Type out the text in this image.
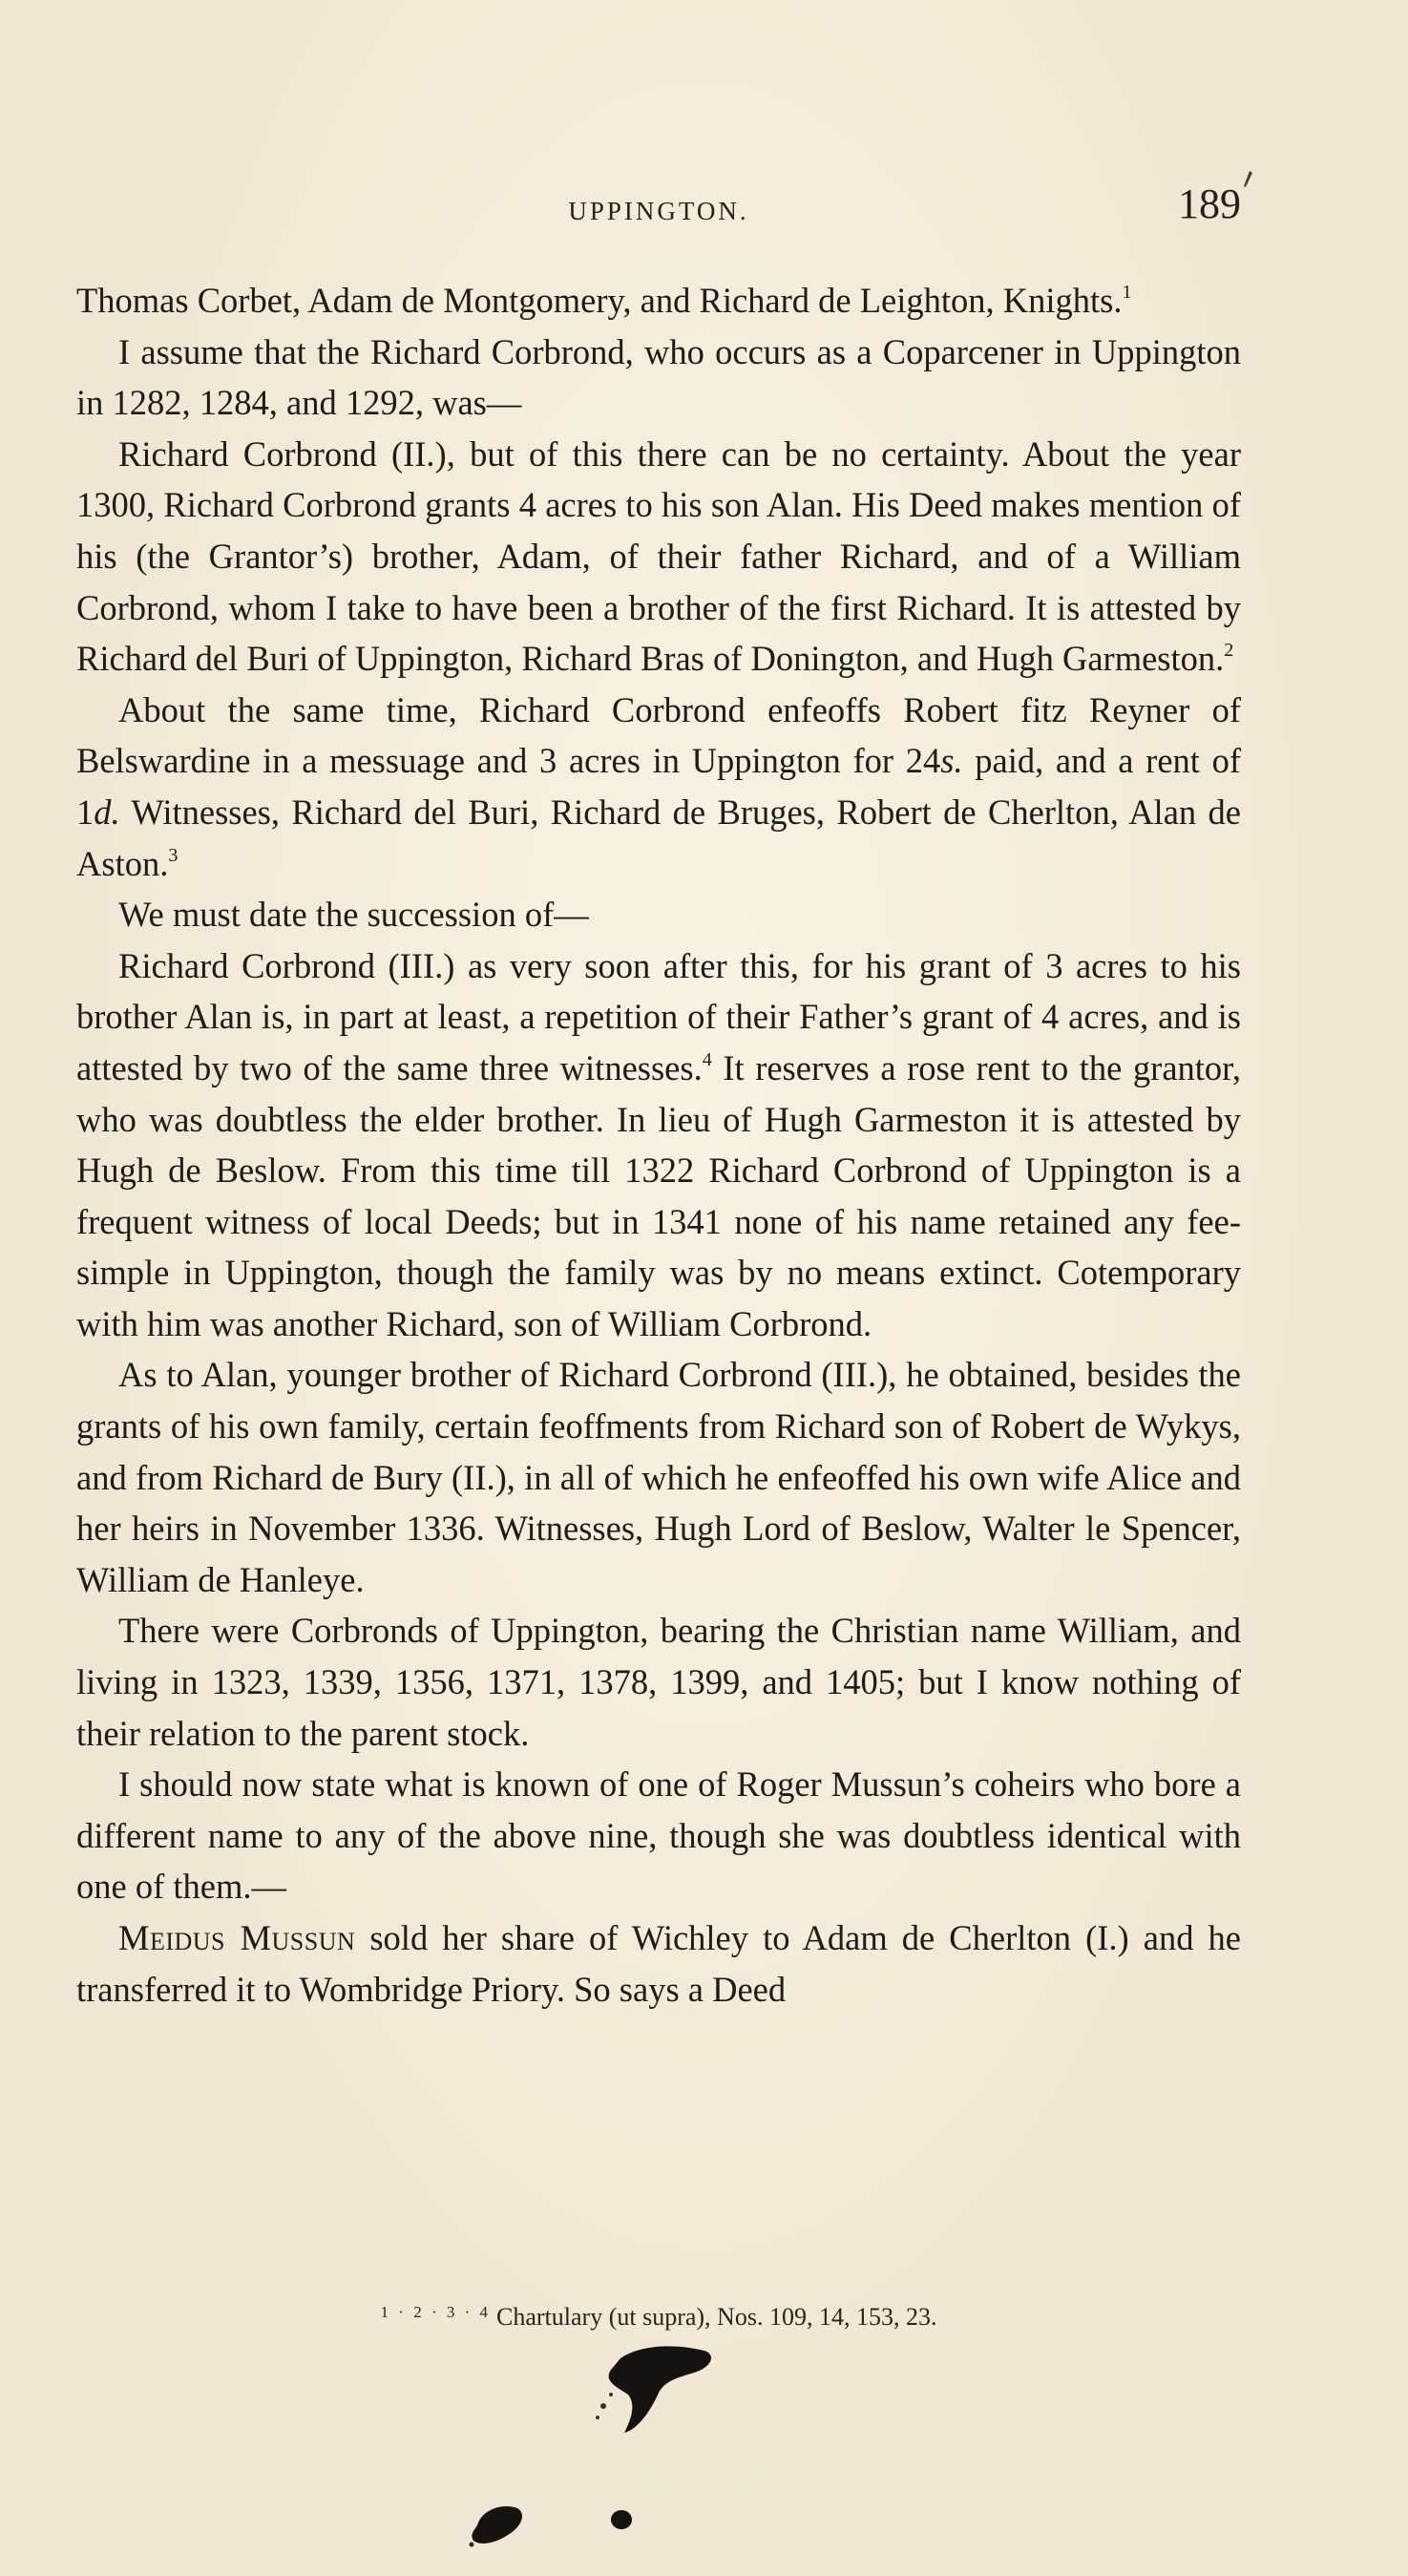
UPPINGTON.	189

Thomas Corbet, Adam de Montgomery, and Richard de Leighton, Knights.$^1$

I assume that the Richard Corbrond, who occurs as a Coparcener in Uppington in 1282, 1284, and 1292, was—

Richard Corbrond (II.), but of this there can be no certainty. About the year 1300, Richard Corbrond grants 4 acres to his son Alan. His Deed makes mention of his (the Grantor’s) brother, Adam, of their father Richard, and of a William Corbrond, whom I take to have been a brother of the first Richard. It is attested by Richard del Buri of Uppington, Richard Bras of Donington, and Hugh Garmeston.$^2$

About the same time, Richard Corbrond enfeoffs Robert fitz Reyner of Belswardine in a messuage and 3 acres in Uppington for 24s. paid, and a rent of 1d. Witnesses, Richard del Buri, Richard de Bruges, Robert de Cherlton, Alan de Aston.$^3$

We must date the succession of—

Richard Corbrond (III.) as very soon after this, for his grant of 3 acres to his brother Alan is, in part at least, a repetition of their Father’s grant of 4 acres, and is attested by two of the same three witnesses.$^4$ It reserves a rose rent to the grantor, who was doubtless the elder brother. In lieu of Hugh Garmeston it is attested by Hugh de Beslow. From this time till 1322 Richard Corbrond of Uppington is a frequent witness of local Deeds; but in 1341 none of his name retained any fee-simple in Uppington, though the family was by no means extinct. Cotemporary with him was another Richard, son of William Corbrond.

As to Alan, younger brother of Richard Corbrond (III.), he obtained, besides the grants of his own family, certain feoffments from Richard son of Robert de Wykys, and from Richard de Bury (II.), in all of which he enfeoffed his own wife Alice and her heirs in November 1336. Witnesses, Hugh Lord of Beslow, Walter le Spencer, William de Hanleye.

There were Corbronds of Uppington, bearing the Christian name William, and living in 1323, 1339, 1356, 1371, 1378, 1399, and 1405; but I know nothing of their relation to the parent stock.

I should now state what is known of one of Roger Mussun’s coheirs who bore a different name to any of the above nine, though she was doubtless identical with one of them.—

Meidus Mussun sold her share of Wichley to Adam de Cherlton (I.) and he transferred it to Wombridge Priory. So says a Deed

$^{1 \cdot 2 \cdot 3 \cdot 4}$ Chartulary (ut supra), Nos. 109, 14, 153, 23.
